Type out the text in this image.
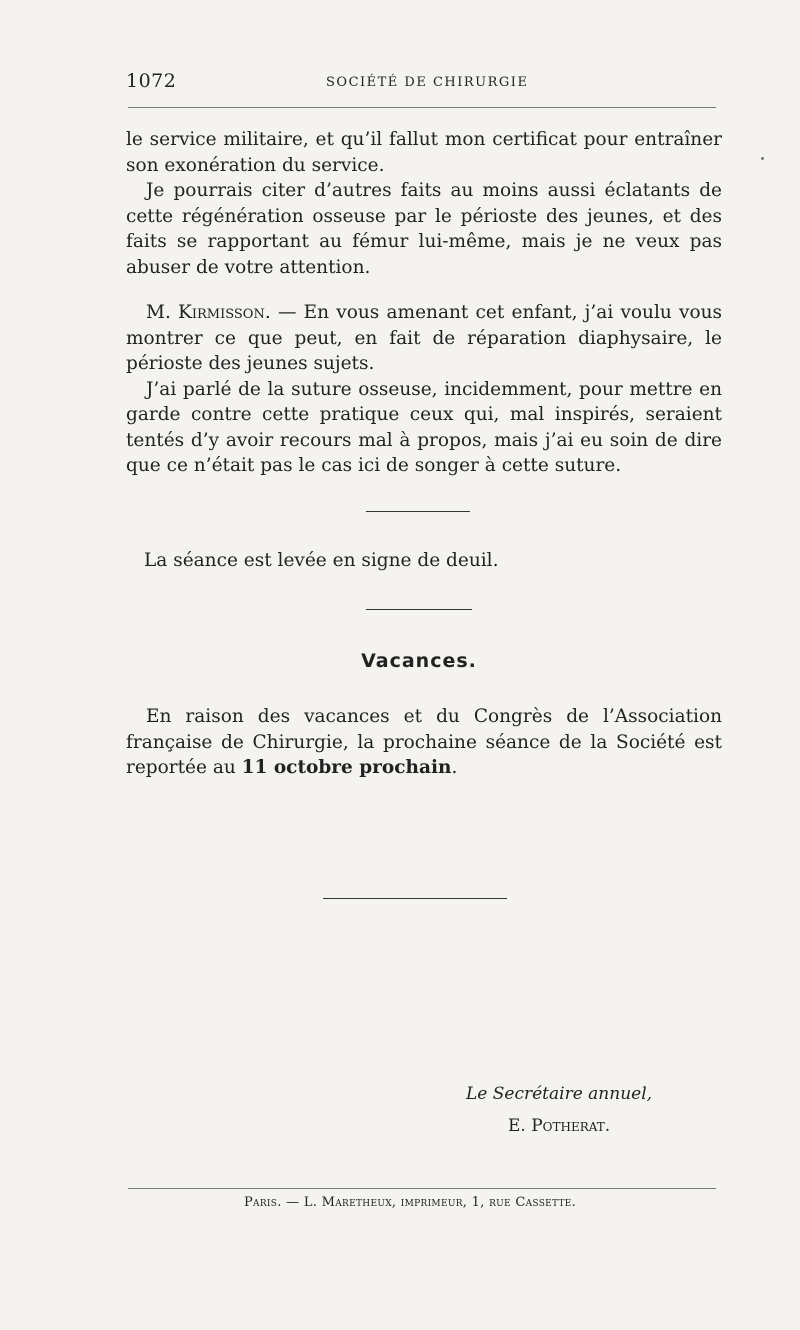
1072	SOCIÉTÉ DE CHIRURGIE

le service militaire, et qu’il fallut mon certificat pour entraîner son exonération du service.

Je pourrais citer d’autres faits au moins aussi éclatants de cette régénération osseuse par le périoste des jeunes, et des faits se rapportant au fémur lui-même, mais je ne veux pas abuser de votre attention.

M. Kirmisson. — En vous amenant cet enfant, j’ai voulu vous montrer ce que peut, en fait de réparation diaphysaire, le périoste des jeunes sujets.

J’ai parlé de la suture osseuse, incidemment, pour mettre en garde contre cette pratique ceux qui, mal inspirés, seraient tentés d’y avoir recours mal à propos, mais j’ai eu soin de dire que ce n’était pas le cas ici de songer à cette suture.

La séance est levée en signe de deuil.
Vacances.

En raison des vacances et du Congrès de l’Association française de Chirurgie, la prochaine séance de la Société est reportée au 11 octobre prochain.

Le Secrétaire annuel,
E. Potherat.
Paris. — L. Maretheux, imprimeur, 1, rue Cassette.
